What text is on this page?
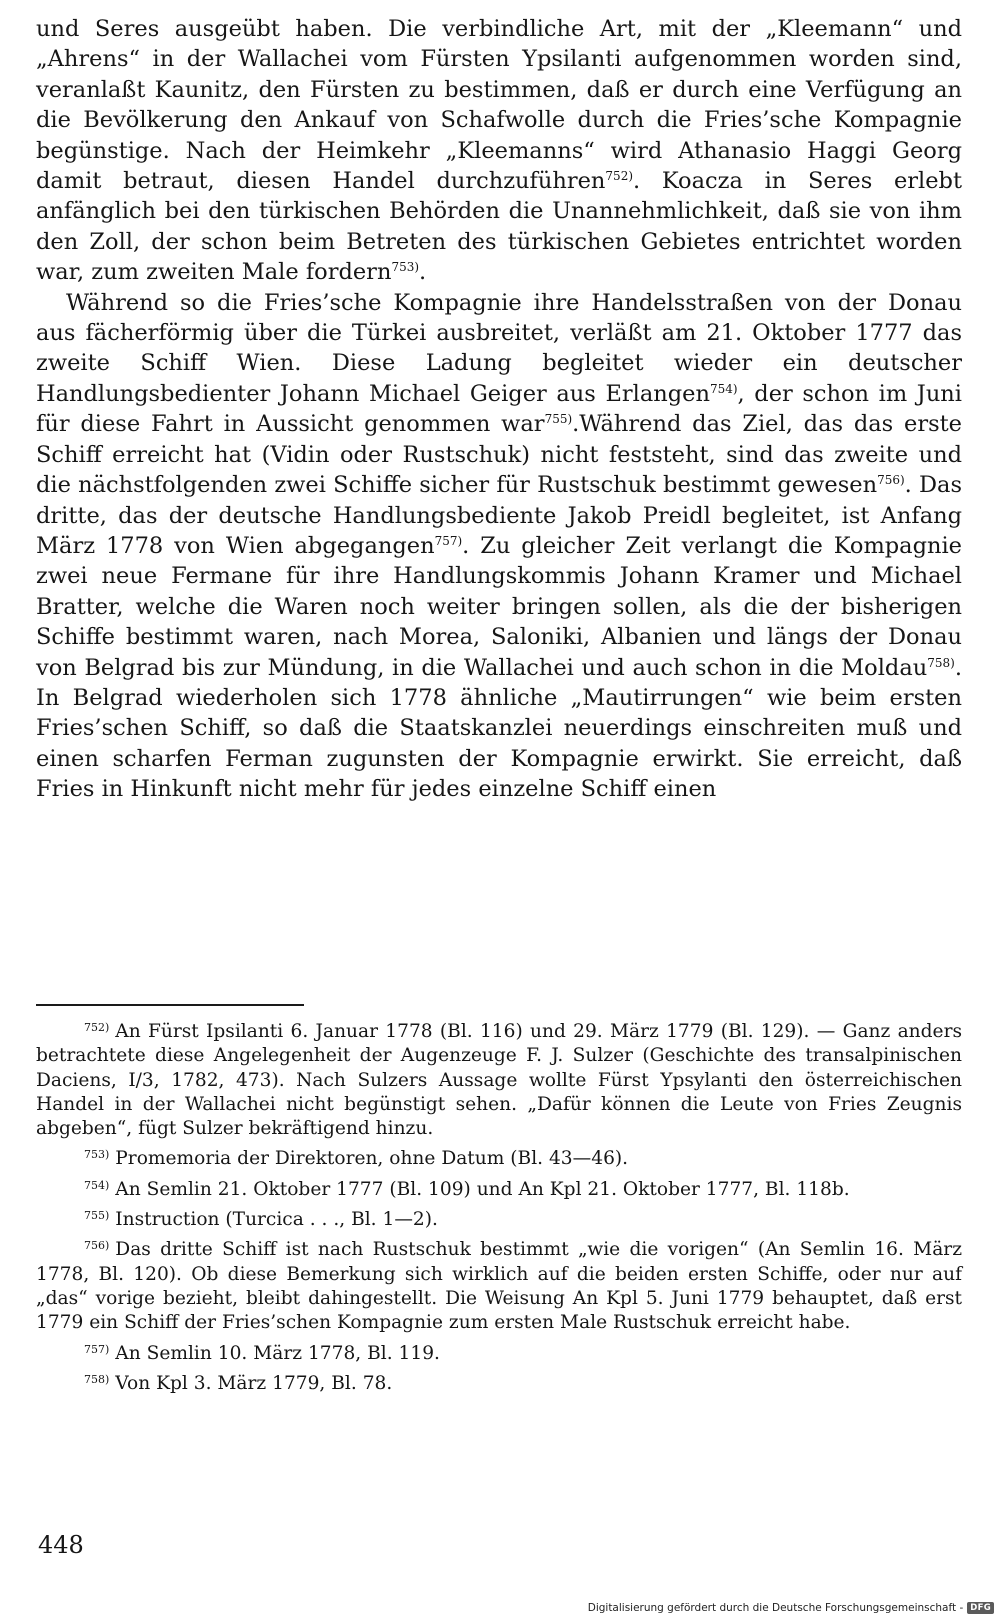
und Seres ausgeübt haben. Die verbindliche Art, mit der „Kleemann“ und „Ahrens“ in der Wallachei vom Fürsten Ypsilanti aufgenommen worden sind, veranlaßt Kaunitz, den Fürsten zu bestimmen, daß er durch eine Verfügung an die Bevölkerung den Ankauf von Schafwolle durch die Fries’sche Kompagnie begünstige. Nach der Heimkehr „Kleemanns“ wird Athanasio Haggi Georg damit betraut, diesen Handel durchzuführen$^{752)}$. Koacza in Seres erlebt anfänglich bei den türkischen Behörden die Unannehmlichkeit, daß sie von ihm den Zoll, der schon beim Betreten des türkischen Gebietes entrichtet worden war, zum zweiten Male fordern$^{753)}$.

Während so die Fries’sche Kompagnie ihre Handelsstraßen von der Donau aus fächerförmig über die Türkei ausbreitet, verläßt am 21. Oktober 1777 das zweite Schiff Wien. Diese Ladung begleitet wieder ein deutscher Handlungsbedienter Johann Michael Geiger aus Erlangen$^{754)}$, der schon im Juni für diese Fahrt in Aussicht genommen war$^{755)}$.Während das Ziel, das das erste Schiff erreicht hat (Vidin oder Rustschuk) nicht feststeht, sind das zweite und die nächstfolgenden zwei Schiffe sicher für Rustschuk bestimmt gewesen$^{756)}$. Das dritte, das der deutsche Handlungsbediente Jakob Preidl begleitet, ist Anfang März 1778 von Wien abgegangen$^{757)}$. Zu gleicher Zeit verlangt die Kompagnie zwei neue Fermane für ihre Handlungskommis Johann Kramer und Michael Bratter, welche die Waren noch weiter bringen sollen, als die der bisherigen Schiffe bestimmt waren, nach Morea, Saloniki, Albanien und längs der Donau von Belgrad bis zur Mündung, in die Wallachei und auch schon in die Moldau$^{758)}$. In Belgrad wiederholen sich 1778 ähnliche „Mautirrungen“ wie beim ersten Fries’schen Schiff, so daß die Staatskanzlei neuerdings einschreiten muß und einen scharfen Ferman zugunsten der Kompagnie erwirkt. Sie erreicht, daß Fries in Hinkunft nicht mehr für jedes einzelne Schiff einen

$^{752)}$ An Fürst Ipsilanti 6. Januar 1778 (Bl. 116) und 29. März 1779 (Bl. 129). — Ganz anders betrachtete diese Angelegenheit der Augenzeuge F. J. Sulzer (Geschichte des transalpinischen Daciens, I/3, 1782, 473). Nach Sulzers Aussage wollte Fürst Ypsylanti den österreichischen Handel in der Wallachei nicht begünstigt sehen. „Dafür können die Leute von Fries Zeugnis abgeben“, fügt Sulzer bekräftigend hinzu.

$^{753)}$ Promemoria der Direktoren, ohne Datum (Bl. 43—46).

$^{754)}$ An Semlin 21. Oktober 1777 (Bl. 109) und An Kpl 21. Oktober 1777, Bl. 118b.

$^{755)}$ Instruction (Turcica . . ., Bl. 1—2).

$^{756)}$ Das dritte Schiff ist nach Rustschuk bestimmt „wie die vorigen“ (An Semlin 16. März 1778, Bl. 120). Ob diese Bemerkung sich wirklich auf die beiden ersten Schiffe, oder nur auf „das“ vorige bezieht, bleibt dahingestellt. Die Weisung An Kpl 5. Juni 1779 behauptet, daß erst 1779 ein Schiff der Fries’schen Kompagnie zum ersten Male Rustschuk erreicht habe.

$^{757)}$ An Semlin 10. März 1778, Bl. 119.

$^{758)}$ Von Kpl 3. März 1779, Bl. 78.

448
Digitalisierung gefördert durch die Deutsche Forschungsgemeinschaft - DFG
